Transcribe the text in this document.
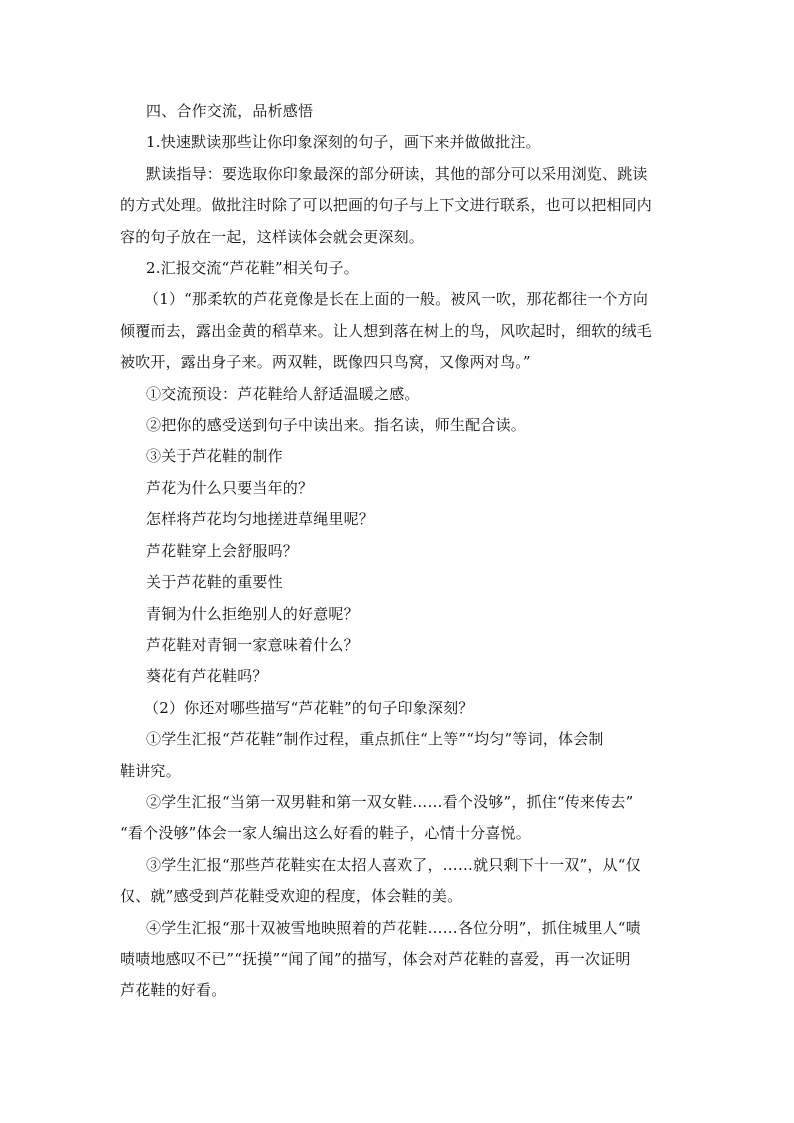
四、合作交流，品析感悟

1.快速默读那些让你印象深刻的句子，画下来并做做批注。

默读指导：要选取你印象最深的部分研读，其他的部分可以采用浏览、跳读

的方式处理。做批注时除了可以把画的句子与上下文进行联系，也可以把相同内

容的句子放在一起，这样读体会就会更深刻。

2.汇报交流“芦花鞋”相关句子。

（1）“那柔软的芦花竟像是长在上面的一般。被风一吹，那花都往一个方向

倾覆而去，露出金黄的稻草来。让人想到落在树上的鸟，风吹起时，细软的绒毛

被吹开，露出身子来。两双鞋，既像四只鸟窝，又像两对鸟。”

①交流预设：芦花鞋给人舒适温暖之感。

②把你的感受送到句子中读出来。指名读，师生配合读。

③关于芦花鞋的制作

芦花为什么只要当年的？

怎样将芦花均匀地搓进草绳里呢？

芦花鞋穿上会舒服吗？

关于芦花鞋的重要性

青铜为什么拒绝别人的好意呢？

芦花鞋对青铜一家意味着什么？

葵花有芦花鞋吗？

（2）你还对哪些描写“芦花鞋”的句子印象深刻？

①学生汇报“芦花鞋”制作过程，重点抓住“上等”“均匀”等词，体会制

鞋讲究。

②学生汇报“当第一双男鞋和第一双女鞋……看个没够”，抓住“传来传去”

“看个没够”体会一家人编出这么好看的鞋子，心情十分喜悦。

③学生汇报“那些芦花鞋实在太招人喜欢了，……就只剩下十一双”，从“仅

仅、就”感受到芦花鞋受欢迎的程度，体会鞋的美。

④学生汇报“那十双被雪地映照着的芦花鞋……各位分明”，抓住城里人“啧

啧啧地感叹不已”“抚摸”“闻了闻”的描写，体会对芦花鞋的喜爱，再一次证明

芦花鞋的好看。
